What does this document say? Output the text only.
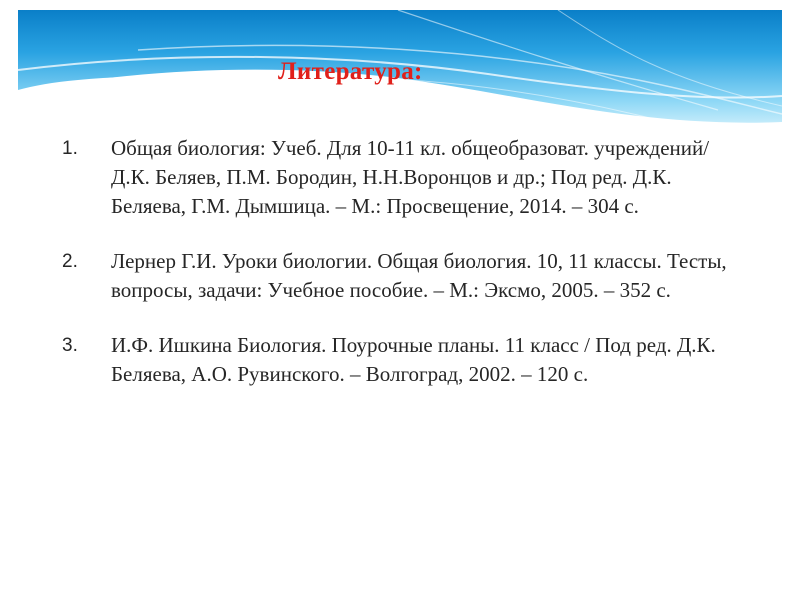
Литература:
1.	Общая биология: Учеб. Для 10-11 кл. общеобразоват. учреждений/ Д.К. Беляев, П.М. Бородин, Н.Н.Воронцов и др.; Под ред. Д.К. Беляева, Г.М. Дымшица. – М.: Просвещение, 2014. – 304 с.
2.	Лернер Г.И. Уроки биологии. Общая биология. 10, 11 классы. Тесты, вопросы, задачи: Учебное пособие. – М.: Эксмо, 2005. – 352 с.
3.	И.Ф. Ишкина Биология. Поурочные планы. 11 класс / Под ред. Д.К. Беляева, А.О. Рувинского. – Волгоград, 2002. – 120 с.
